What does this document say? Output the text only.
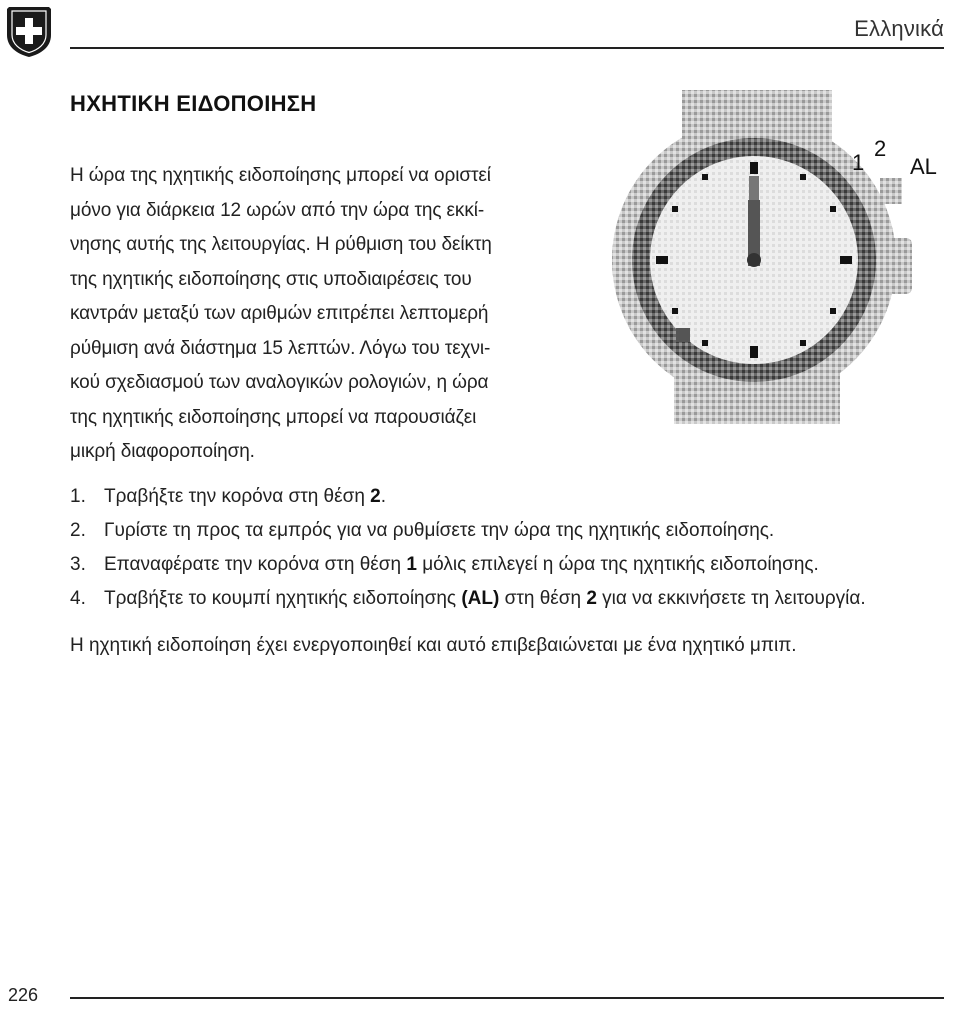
Ελληνικά
ΗΧΗΤΙΚΗ ΕΙΔΟΠΟΙΗΣΗ
Η ώρα της ηχητικής ειδοποίησης μπορεί να οριστεί
μόνο για διάρκεια 12 ωρών από την ώρα της εκκί-
νησης αυτής της λειτουργίας. Η ρύθμιση του δείκτη
της ηχητικής ειδοποίησης στις υποδιαιρέσεις του
καντράν μεταξύ των αριθμών επιτρέπει λεπτομερή
ρύθμιση ανά διάστημα 15 λεπτών. Λόγω του τεχνι-
κού σχεδιασμού των αναλογικών ρολογιών, η ώρα
της ηχητικής ειδοποίησης μπορεί να παρουσιάζει
μικρή διαφοροποίηση.
1
2
AL
1. Τραβήξτε την κορόνα στη θέση 2.
2. Γυρίστε τη προς τα εμπρός για να ρυθμίσετε την ώρα της ηχητικής ειδοποίησης.
3. Επαναφέρατε την κορόνα στη θέση 1 μόλις επιλεγεί η ώρα της ηχητικής ειδοποίησης.
4. Τραβήξτε το κουμπί ηχητικής ειδοποίησης (AL) στη θέση 2 για να εκκινήσετε τη λειτουργία.
Η ηχητική ειδοποίηση έχει ενεργοποιηθεί και αυτό επιβεβαιώνεται με ένα ηχητικό μπιπ.
226
